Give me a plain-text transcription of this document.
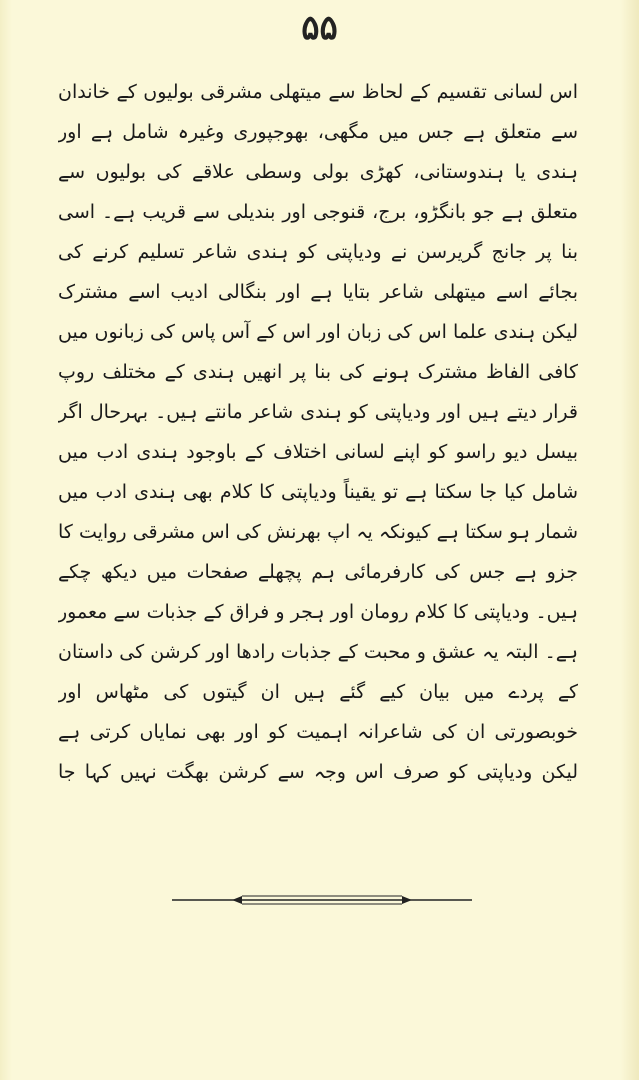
۵۵

اس لسانی تقسیم کے لحاظ سے میتھلی مشرقی بولیوں کے خاندان سے متعلق ہے جس میں مگھی، بھوجپوری وغیرہ شامل ہے اور ہندی یا ہندوستانی، کھڑی بولی وسطی علاقے کی بولیوں سے متعلق ہے جو بانگڑو، برج، قنوجی اور بندیلی سے قریب ہے۔ اسی بنا پر جانج گریرسن نے ودیاپتی کو ہندی شاعر تسلیم کرنے کی بجائے اسے میتھلی شاعر بتایا ہے اور بنگالی ادیب اسے مشترک

لیکن ہندی علما اس کی زبان اور اس کے آس پاس کی زبانوں میں کافی الفاظ مشترک ہونے کی بنا پر انھیں ہندی کے مختلف روپ قرار دیتے ہیں اور ودیاپتی کو ہندی شاعر مانتے ہیں۔ بہرحال اگر بیسل دیو راسو کو اپنے لسانی اختلاف کے باوجود ہندی ادب میں شامل کیا جا سکتا ہے تو یقیناً ودیاپتی کا کلام بھی ہندی ادب میں شمار ہو سکتا ہے کیونکہ یہ اپ بھرنش کی اس مشرقی روایت کا جزو ہے جس کی کارفرمائی ہم پچھلے صفحات میں دیکھ چکے ہیں۔ ودیاپتی کا کلام رومان اور ہجر و فراق کے جذبات سے معمور ہے۔ البتہ یہ عشق و محبت کے جذبات رادھا اور کرشن کی داستان کے پردے میں بیان کیے گئے ہیں ان گیتوں کی مٹھاس اور خوبصورتی ان کی شاعرانہ اہمیت کو اور بھی نمایاں کرتی ہے لیکن ودیاپتی کو صرف اس وجہ سے کرشن بھگت نہیں کہا جا
